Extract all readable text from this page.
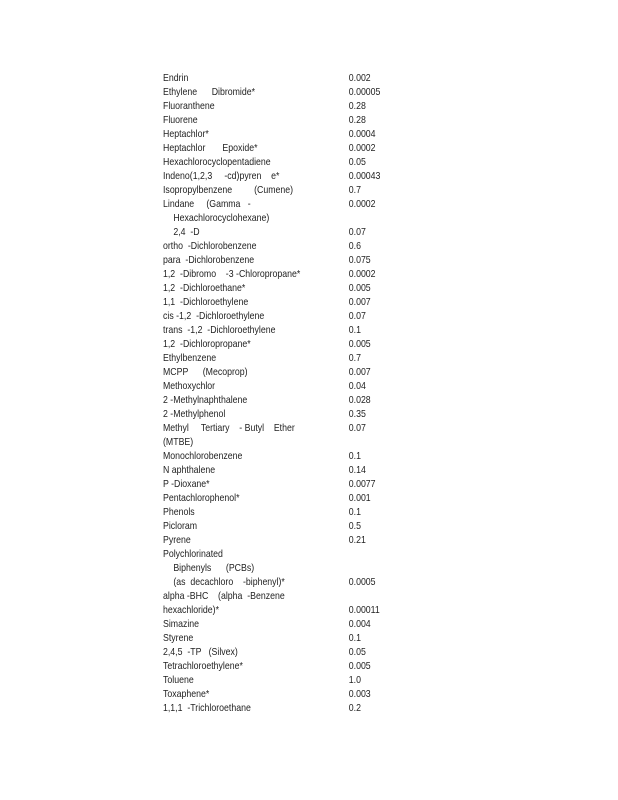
Endrin	0.002
Ethylene      Dibromide*	0.00005
Fluoranthene	0.28
Fluorene	0.28
Heptachlor*	0.0004
Heptachlor       Epoxide*	0.0002
Hexachlorocyclopentadiene	0.05
Indeno(1,2,3     -cd)pyren    e*	0.00043
Isopropylbenzene         (Cumene)	0.7
Lindane     (Gamma   -	0.0002
Hexachlorocyclohexane)
2,4  -D	0.07
ortho  -Dichlorobenzene	0.6
para  -Dichlorobenzene	0.075
1,2  -Dibromo    -3 -Chloropropane*	0.0002
1,2  -Dichloroethane*	0.005
1,1  -Dichloroethylene	0.007
cis -1,2  -Dichloroethylene	0.07
trans  -1,2  -Dichloroethylene	0.1
1,2  -Dichloropropane*	0.005
Ethylbenzene	0.7
MCPP      (Mecoprop)	0.007
Methoxychlor	0.04
2 -Methylnaphthalene	0.028
2 -Methylphenol	0.35
Methyl     Tertiary    - Butyl    Ether	0.07
(MTBE)
Monochlorobenzene	0.1
N aphthalene	0.14
P -Dioxane*	0.0077
Pentachlorophenol*	0.001
Phenols	0.1
Picloram	0.5
Pyrene	0.21
Polychlorinated
Biphenyls      (PCBs)
(as  decachloro    -biphenyl)*	0.0005
alpha -BHC    (alpha  -Benzene
hexachloride)*	0.00011
Simazine	0.004
Styrene	0.1
2,4,5  -TP   (Silvex)	0.05
Tetrachloroethylene*	0.005
Toluene	1.0
Toxaphene*	0.003
1,1,1  -Trichloroethane	0.2
